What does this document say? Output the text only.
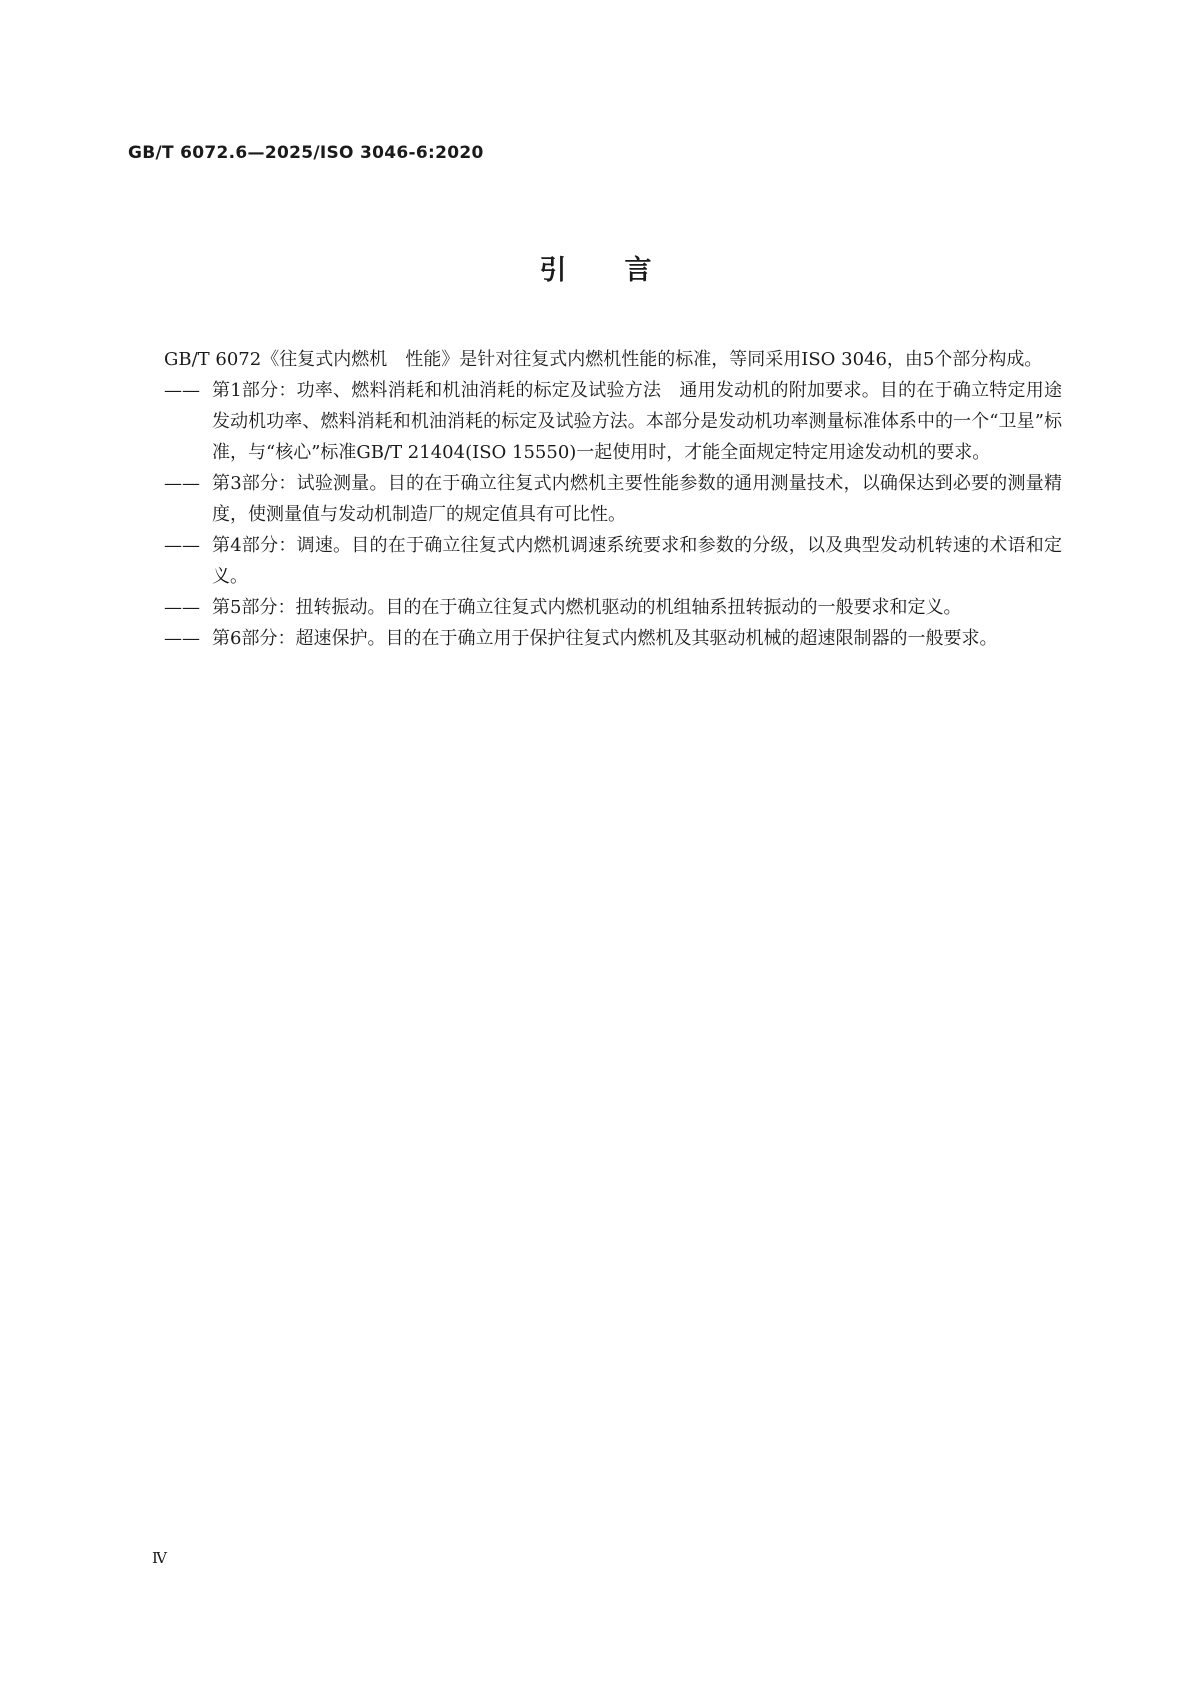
GB/T 6072.6—2025/ISO 3046-6:2020
引言

GB/T 6072《往复式内燃机　性能》是针对往复式内燃机性能的标准，等同采用ISO 3046，由5个部分构成。

—— 第1部分：功率、燃料消耗和机油消耗的标定及试验方法　通用发动机的附加要求。目的在于确立特定用途发动机功率、燃料消耗和机油消耗的标定及试验方法。本部分是发动机功率测量标准体系中的一个“卫星”标准，与“核心”标准GB/T 21404(ISO 15550)一起使用时，才能全面规定特定用途发动机的要求。
—— 第3部分：试验测量。目的在于确立往复式内燃机主要性能参数的通用测量技术，以确保达到必要的测量精度，使测量值与发动机制造厂的规定值具有可比性。
—— 第4部分：调速。目的在于确立往复式内燃机调速系统要求和参数的分级，以及典型发动机转速的术语和定义。
—— 第5部分：扭转振动。目的在于确立往复式内燃机驱动的机组轴系扭转振动的一般要求和定义。
—— 第6部分：超速保护。目的在于确立用于保护往复式内燃机及其驱动机械的超速限制器的一般要求。
Ⅳ
